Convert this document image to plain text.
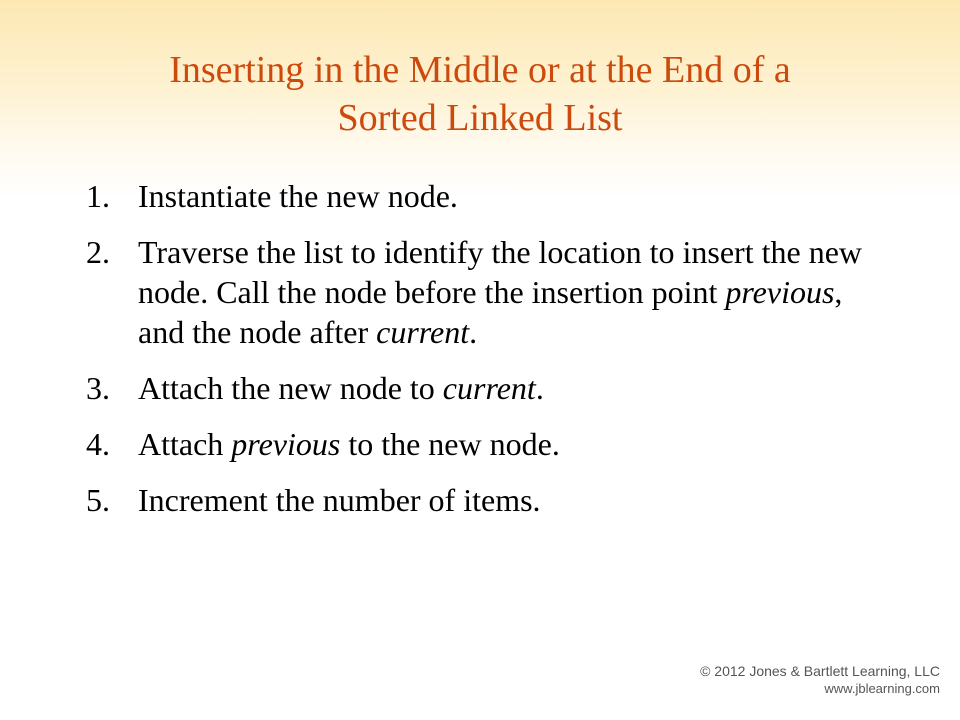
Inserting in the Middle or at the End of a
Sorted Linked List
1. Instantiate the new node.
2. Traverse the list to identify the location to insert the new node. Call the node before the insertion point previous, and the node after current.
3. Attach the new node to current.
4. Attach previous to the new node.
5. Increment the number of items.
© 2012 Jones & Bartlett Learning, LLC
www.jblearning.com
